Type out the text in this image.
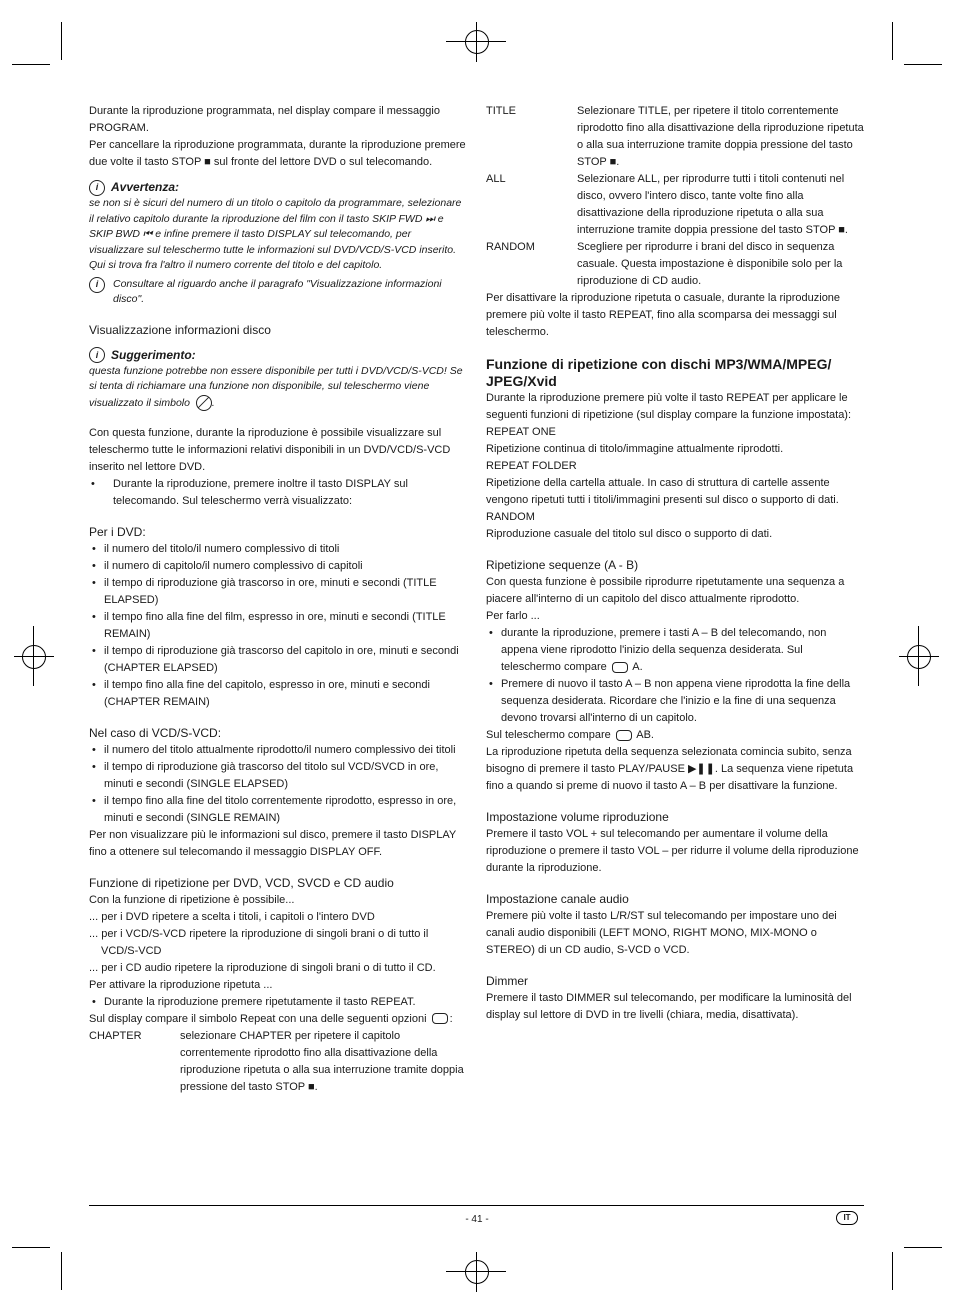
Durante la riproduzione programmata, nel display compare il messaggio PROGRAM.

Per cancellare la riproduzione programmata, durante la riproduzione premere due volte il tasto STOP ■ sul fronte del lettore DVD o sul telecomando.

i	Avvertenza:

se non si è sicuri del numero di un titolo o capitolo da programmare, selezionare il relativo capitolo durante la riproduzione del film con il tasto SKIP FWD ⏭ e SKIP BWD ⏮ e infine premere il tasto DISPLAY sul telecomando, per visualizzare sul teleschermo tutte le informazioni sul DVD/VCD/S-VCD inserito. Qui si trova fra l'altro il numero corrente del titolo e del capitolo.

i	Consultare al riguardo anche il paragrafo "Visualizzazione informazioni disco".

Visualizzazione informazioni disco

i	Suggerimento:

questa funzione potrebbe non essere disponibile per tutti i DVD/VCD/S-VCD! Se si tenta di richiamare una funzione non disponibile, sul teleschermo viene visualizzato il simbolo .

Con questa funzione, durante la riproduzione è possibile visualizzare sul teleschermo tutte le informazioni relativi disponibili in un DVD/VCD/S-VCD inserito nel lettore DVD.

• Durante la riproduzione, premere inoltre il tasto DISPLAY sul telecomando. Sul teleschermo verrà visualizzato:

Per i DVD:

• il numero del titolo/il numero complessivo di titoli
• il numero di capitolo/il numero complessivo di capitoli
• il tempo di riproduzione già trascorso in ore, minuti e secondi (TITLE ELAPSED)
• il tempo fino alla fine del film, espresso in ore, minuti e secondi (TITLE REMAIN)
• il tempo di riproduzione già trascorso del capitolo in ore, minuti e secondi (CHAPTER ELAPSED)
• il tempo fino alla fine del capitolo, espresso in ore, minuti e secondi (CHAPTER REMAIN)

Nel caso di VCD/S-VCD:

• il numero del titolo attualmente riprodotto/il numero complessivo dei titoli
• il tempo di riproduzione già trascorso del titolo sul VCD/SVCD in ore, minuti e secondi (SINGLE ELAPSED)
• il tempo fino alla fine del titolo correntemente riprodotto, espresso in ore, minuti e secondi (SINGLE REMAIN)

Per non visualizzare più le informazioni sul disco, premere il tasto DISPLAY fino a ottenere sul telecomando il messaggio DISPLAY OFF.

Funzione di ripetizione per DVD, VCD, SVCD e CD audio

Con la funzione di ripetizione è possibile...

... per i DVD ripetere a scelta i titoli, i capitoli o l'intero DVD

... per i VCD/S-VCD ripetere la riproduzione di singoli brani o di tutto il VCD/S-VCD

... per i CD audio ripetere la riproduzione di singoli brani o di tutto il CD.

Per attivare la riproduzione ripetuta ...

• Durante la riproduzione premere ripetutamente il tasto REPEAT.

Sul display compare il simbolo Repeat con una delle seguenti opzioni :

CHAPTER	selezionare CHAPTER per ripetere il capitolo correntemente riprodotto fino alla disattivazione della riproduzione ripetuta o alla sua interruzione tramite doppia pressione del tasto STOP ■.
TITLE	Selezionare TITLE, per ripetere il titolo correntemente riprodotto fino alla disattivazione della riproduzione ripetuta o alla sua interruzione tramite doppia pressione del tasto STOP ■.
ALL	Selezionare ALL, per riprodurre tutti i titoli contenuti nel disco, ovvero l'intero disco, tante volte fino alla disattivazione della riproduzione ripetuta o alla sua interruzione tramite doppia pressione del tasto STOP ■.
RANDOM	Scegliere per riprodurre i brani del disco in sequenza casuale. Questa impostazione è disponibile solo per la riproduzione di CD audio.

Per disattivare la riproduzione ripetuta o casuale, durante la riproduzione premere più volte il tasto REPEAT, fino alla scomparsa dei messaggi sul teleschermo.

Funzione di ripetizione con dischi MP3/WMA/MPEG/ JPEG/Xvid

Durante la riproduzione premere più volte il tasto REPEAT per applicare le seguenti funzioni di ripetizione (sul display compare la funzione impostata):

REPEAT ONE

Ripetizione continua di titolo/immagine attualmente riprodotti.

REPEAT FOLDER

Ripetizione della cartella attuale. In caso di struttura di cartelle assente vengono ripetuti tutti i titoli/immagini presenti sul disco o supporto di dati.

RANDOM

Riproduzione casuale del titolo sul disco o supporto di dati.

Ripetizione sequenze (A - B)

Con questa funzione è possibile riprodurre ripetutamente una sequenza a piacere all'interno di un capitolo del disco attualmente riprodotto.

Per farlo ...

• durante la riproduzione, premere i tasti A – B del telecomando, non appena viene riprodotto l'inizio della sequenza desiderata. Sul teleschermo compare A.
• Premere di nuovo il tasto A – B non appena viene riprodotta la fine della sequenza desiderata. Ricordare che l'inizio e la fine di una sequenza devono trovarsi all'interno di un capitolo.

Sul teleschermo compare AB.

La riproduzione ripetuta della sequenza selezionata comincia subito, senza bisogno di premere il tasto PLAY/PAUSE ▶❚❚. La sequenza viene ripetuta fino a quando si preme di nuovo il tasto A – B per disattivare la funzione.

Impostazione volume riproduzione

Premere il tasto VOL + sul telecomando per aumentare il volume della riproduzione o premere il tasto VOL – per ridurre il volume della riproduzione durante la riproduzione.

Impostazione canale audio

Premere più volte il tasto L/R/ST sul telecomando per impostare uno dei canali audio disponibili (LEFT MONO, RIGHT MONO, MIX-MONO o STEREO) di un CD audio, S-VCD o VCD.

Dimmer

Premere il tasto DIMMER sul telecomando, per modificare la luminosità del display sul lettore di DVD in tre livelli (chiara, media, disattivata).

- 41 -	IT
